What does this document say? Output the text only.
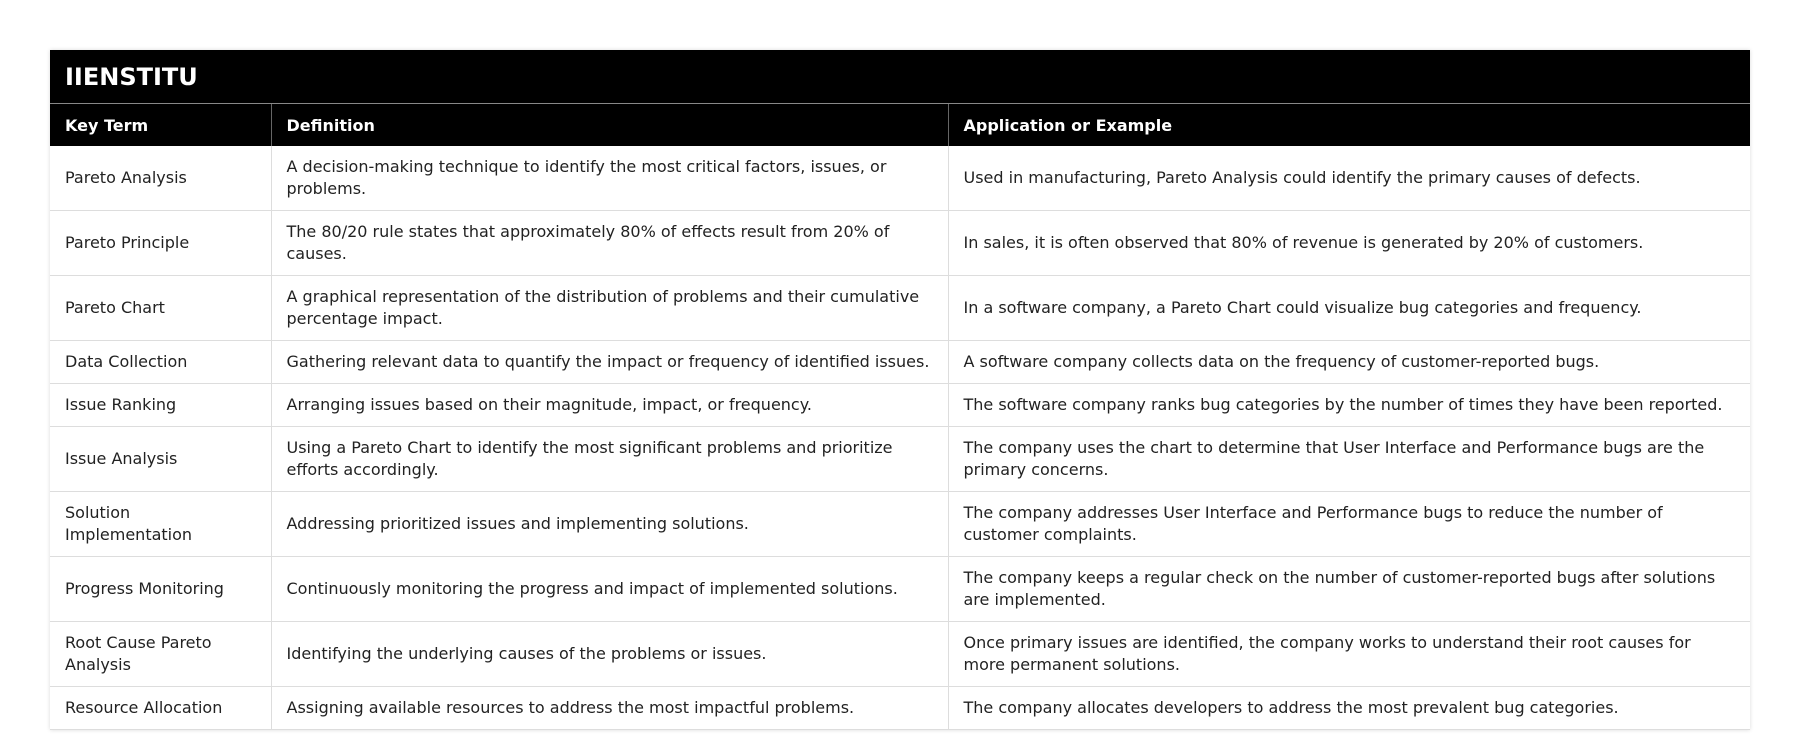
IIENSTITU
Key Term	Definition	Application or Example
Pareto Analysis	A decision-making technique to identify the most critical factors, issues, or problems.	Used in manufacturing, Pareto Analysis could identify the primary causes of defects.
Pareto Principle	The 80/20 rule states that approximately 80% of effects result from 20% of causes.	In sales, it is often observed that 80% of revenue is generated by 20% of customers.
Pareto Chart	A graphical representation of the distribution of problems and their cumulative percentage impact.	In a software company, a Pareto Chart could visualize bug categories and frequency.
Data Collection	Gathering relevant data to quantify the impact or frequency of identified issues.	A software company collects data on the frequency of customer-reported bugs.
Issue Ranking	Arranging issues based on their magnitude, impact, or frequency.	The software company ranks bug categories by the number of times they have been reported.
Issue Analysis	Using a Pareto Chart to identify the most significant problems and prioritize efforts accordingly.	The company uses the chart to determine that User Interface and Performance bugs are the primary concerns.
Solution Implementation	Addressing prioritized issues and implementing solutions.	The company addresses User Interface and Performance bugs to reduce the number of customer complaints.
Progress Monitoring	Continuously monitoring the progress and impact of implemented solutions.	The company keeps a regular check on the number of customer-reported bugs after solutions are implemented.
Root Cause Pareto Analysis	Identifying the underlying causes of the problems or issues.	Once primary issues are identified, the company works to understand their root causes for more permanent solutions.
Resource Allocation	Assigning available resources to address the most impactful problems.	The company allocates developers to address the most prevalent bug categories.
